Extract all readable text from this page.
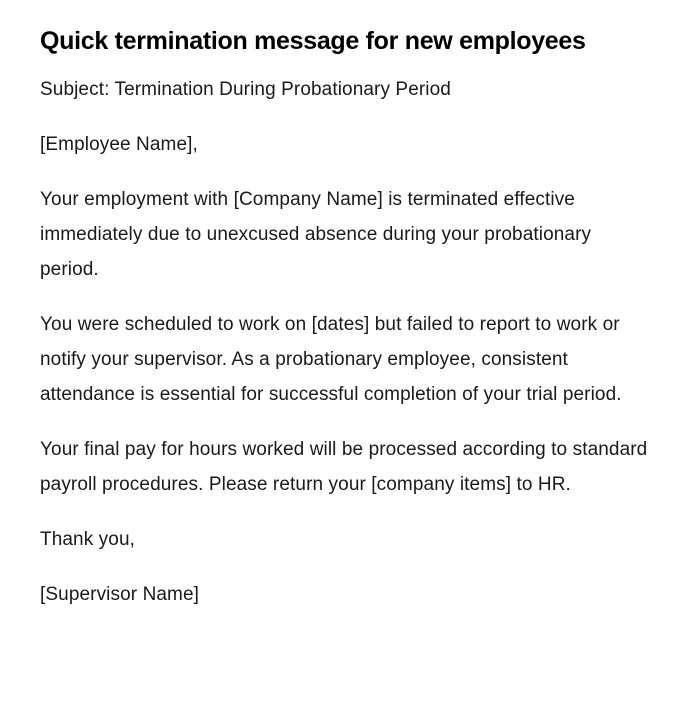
Quick termination message for new employees

Subject: Termination During Probationary Period

[Employee Name],

Your employment with [Company Name] is terminated effective immediately due to unexcused absence during your probationary period.

You were scheduled to work on [dates] but failed to report to work or notify your supervisor. As a probationary employee, consistent attendance is essential for successful completion of your trial period.

Your final pay for hours worked will be processed according to standard payroll procedures. Please return your [company items] to HR.

Thank you,

[Supervisor Name]
